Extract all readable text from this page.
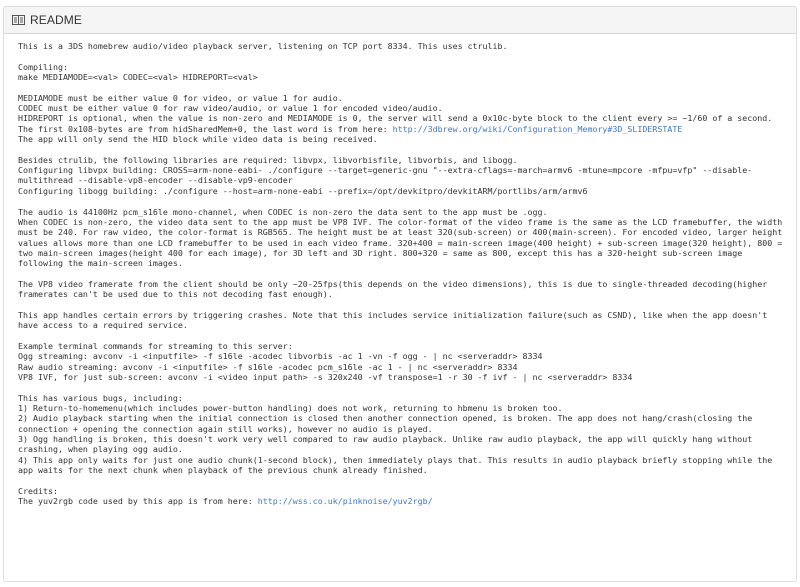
README
This is a 3DS homebrew audio/video playback server, listening on TCP port 8334. This uses ctrulib.

Compiling:
make MEDIAMODE=<val> CODEC=<val> HIDREPORT=<val>

MEDIAMODE must be either value 0 for video, or value 1 for audio.
CODEC must be either value 0 for raw video/audio, or value 1 for encoded video/audio.
HIDREPORT is optional, when the value is non-zero and MEDIAMODE is 0, the server will send a 0x10c-byte block to the client every >= ~1/60 of a second. The first 0x108-bytes are from hidSharedMem+0, the last word is from here: http://3dbrew.org/wiki/Configuration_Memory#3D_SLIDERSTATE
The app will only send the HID block while video data is being received.

Besides ctrulib, the following libraries are required: libvpx, libvorbisfile, libvorbis, and libogg.
Configuring libvpx building: CROSS=arm-none-eabi- ./configure --target=generic-gnu "--extra-cflags=-march=armv6 -mtune=mpcore -mfpu=vfp" --disable-multithread --disable-vp8-encoder --disable-vp9-encoder
Configuring libogg building: ./configure --host=arm-none-eabi --prefix=/opt/devkitpro/devkitARM/portlibs/arm/armv6

The audio is 44100Hz pcm_s16le mono-channel, when CODEC is non-zero the data sent to the app must be .ogg.
When CODEC is non-zero, the video data sent to the app must be VP8 IVF. The color-format of the video frame is the same as the LCD framebuffer, the width must be 240. For raw video, the color-format is RGB565. The height must be at least 320(sub-screen) or 400(main-screen). For encoded video, larger height values allows more than one LCD framebuffer to be used in each video frame. 320+400 = main-screen image(400 height) + sub-screen image(320 height), 800 = two main-screen images(height 400 for each image), for 3D left and 3D right. 800+320 = same as 800, except this has a 320-height sub-screen image following the main-screen images.

The VP8 video framerate from the client should be only ~20-25fps(this depends on the video dimensions), this is due to single-threaded decoding(higher framerates can't be used due to this not decoding fast enough).

This app handles certain errors by triggering crashes. Note that this includes service initialization failure(such as CSND), like when the app doesn't have access to a required service.

Example terminal commands for streaming to this server:
Ogg streaming: avconv -i <inputfile> -f s16le -acodec libvorbis -ac 1 -vn -f ogg - | nc <serveraddr> 8334
Raw audio streaming: avconv -i <inputfile> -f s16le -acodec pcm_s16le -ac 1 - | nc <serveraddr> 8334
VP8 IVF, for just sub-screen: avconv -i <video input path> -s 320x240 -vf transpose=1 -r 30 -f ivf - | nc <serveraddr> 8334

This has various bugs, including:
1) Return-to-homemenu(which includes power-button handling) does not work, returning to hbmenu is broken too.
2) Audio playback starting when the initial connection is closed then another connection opened, is broken. The app does not hang/crash(closing the connection + opening the connection again still works), however no audio is played.
3) Ogg handling is broken, this doesn't work very well compared to raw audio playback. Unlike raw audio playback, the app will quickly hang without crashing, when playing ogg audio.
4) This app only waits for just one audio chunk(1-second block), then immediately plays that. This results in audio playback briefly stopping while the app waits for the next chunk when playback of the previous chunk already finished.

Credits:
The yuv2rgb code used by this app is from here: http://wss.co.uk/pinknoise/yuv2rgb/
